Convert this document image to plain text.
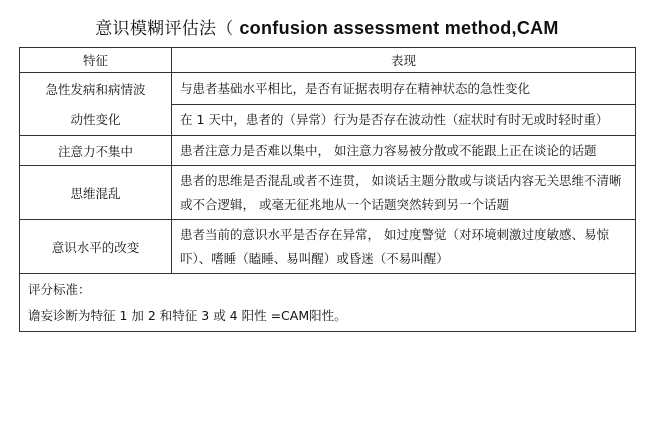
意识模糊评估法（ confusion assessment method,CAM
特征	表现

急性发病和病情波
动性变化	与患者基础水平相比，是否有证据表明存在精神状态的急性变化
	在 1 天中，患者的（异常）行为是否存在波动性（症状时有时无或时轻时重）
注意力不集中	患者注意力是否难以集中， 如注意力容易被分散或不能跟上正在谈论的话题
思维混乱	患者的思维是否混乱或者不连贯， 如谈话主题分散或与谈话内容无关思维不清晰或不合逻辑， 或毫无征兆地从一个话题突然转到另一个话题
意识水平的改变	患者当前的意识水平是否存在异常， 如过度警觉（对环境刺激过度敏感、易惊吓）、嗜睡（瞌睡、易叫醒）或昏迷（不易叫醒）

评分标准：
谵妄诊断为特征 1 加 2 和特征 3 或 4 阳性 =CAM阳性。	
